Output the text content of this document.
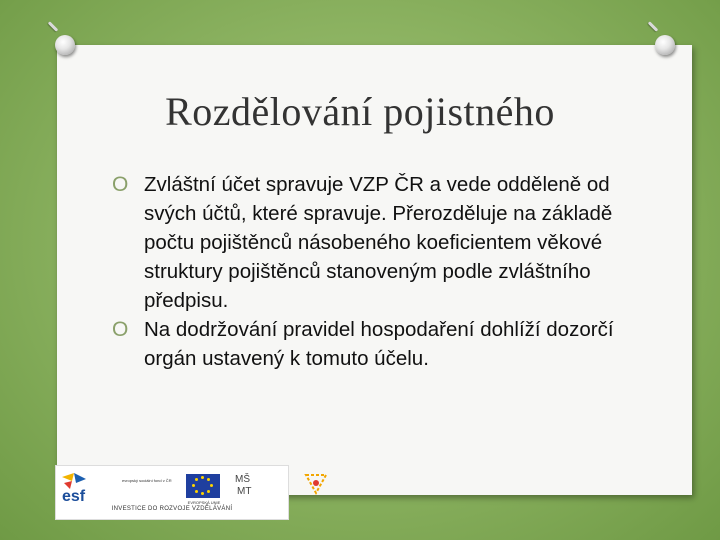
Rozdělování pojistného
O Zvláštní účet spravuje VZP ČR a vede odděleně od svých účtů, které spravuje. Přerozděluje na základě počtu pojištěnců násobeného koeficientem věkové struktury pojištěnců stanoveným podle zvláštního předpisu.
O Na dodržování pravidel hospodaření dohlíží dozorčí orgán ustavený k tomuto účelu.
esf
evropský sociální fond v ČR
EVROPSKÁ UNIE
MŠ
MT
INVESTICE DO ROZVOJE VZDĚLÁVÁNÍ
